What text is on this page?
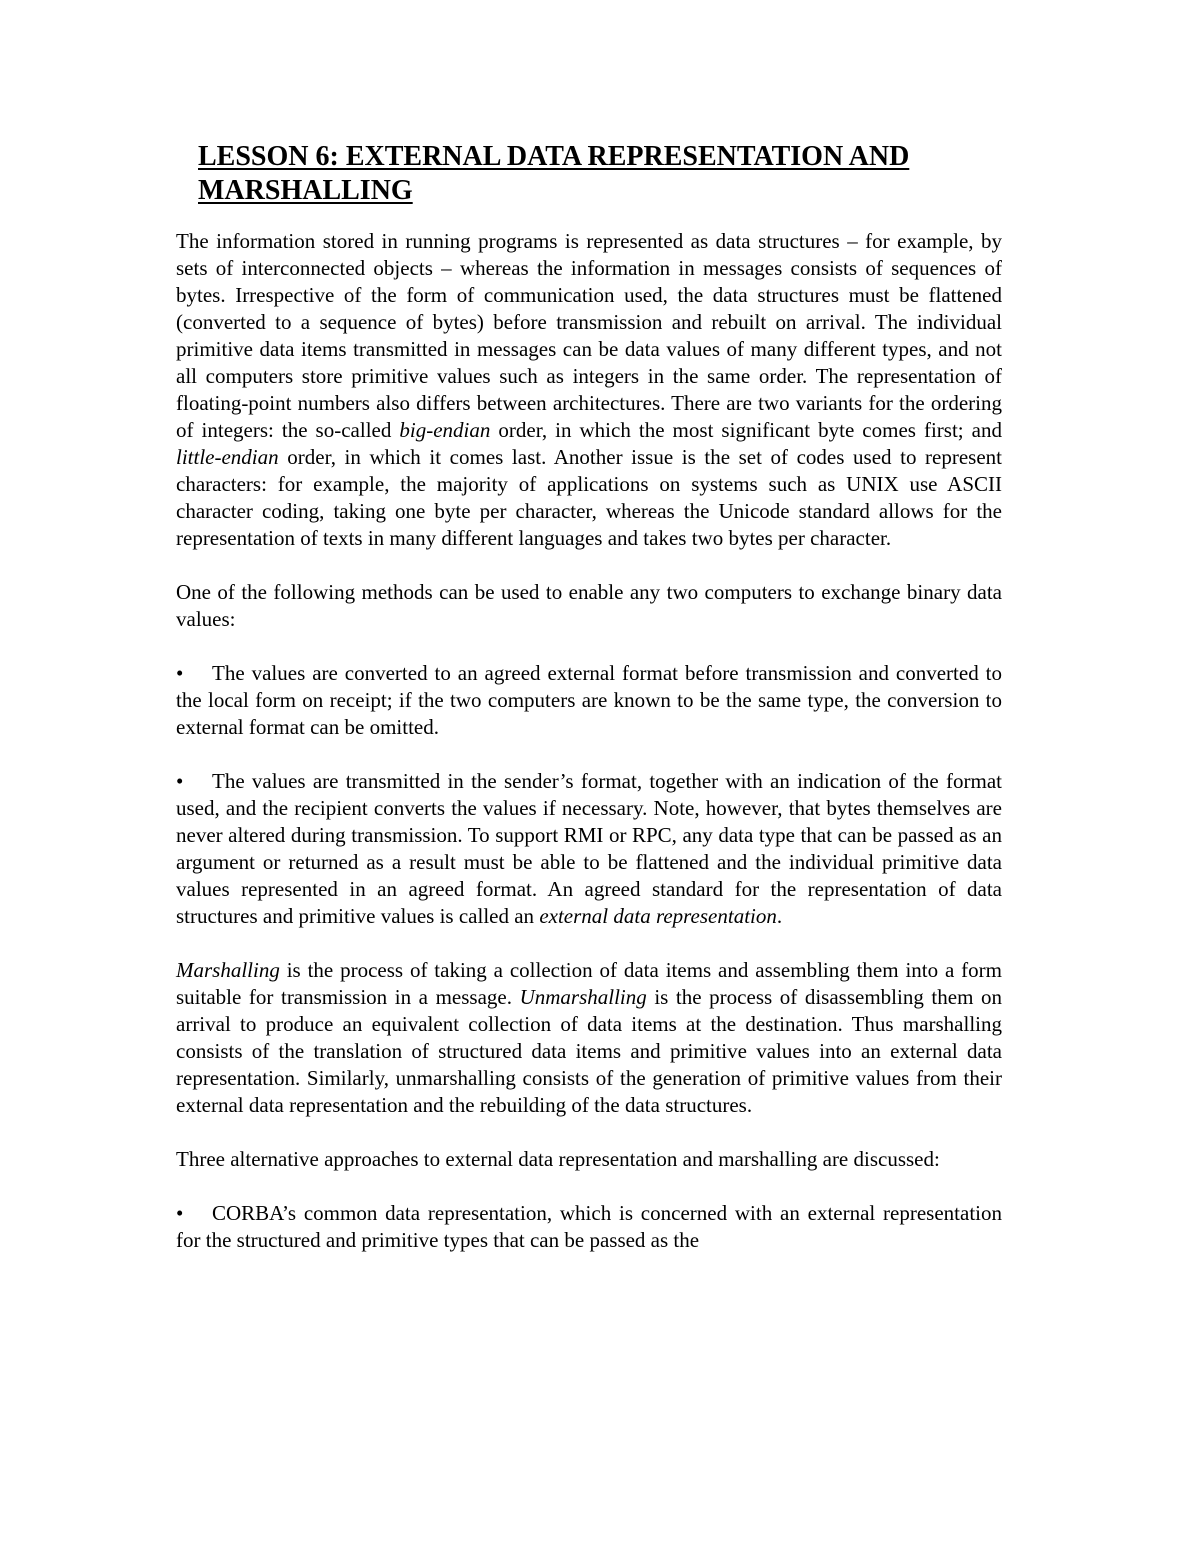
LESSON 6: EXTERNAL DATA REPRESENTATION AND
MARSHALLING

The information stored in running programs is represented as data structures – for example, by sets of interconnected objects – whereas the information in messages consists of sequences of bytes. Irrespective of the form of communication used, the data structures must be flattened (converted to a sequence of bytes) before transmission and rebuilt on arrival. The individual primitive data items transmitted in messages can be data values of many different types, and not all computers store primitive values such as integers in the same order. The representation of floating-point numbers also differs between architectures. There are two variants for the ordering of integers: the so-called big-endian order, in which the most significant byte comes first; and little-endian order, in which it comes last. Another issue is the set of codes used to represent characters: for example, the majority of applications on systems such as UNIX use ASCII character coding, taking one byte per character, whereas the Unicode standard allows for the representation of texts in many different languages and takes two bytes per character.

One of the following methods can be used to enable any two computers to exchange binary data values:

• The values are converted to an agreed external format before transmission and converted to the local form on receipt; if the two computers are known to be the same type, the conversion to external format can be omitted.

• The values are transmitted in the sender’s format, together with an indication of the format used, and the recipient converts the values if necessary. Note, however, that bytes themselves are never altered during transmission. To support RMI or RPC, any data type that can be passed as an argument or returned as a result must be able to be flattened and the individual primitive data values represented in an agreed format. An agreed standard for the representation of data structures and primitive values is called an external data representation.

Marshalling is the process of taking a collection of data items and assembling them into a form suitable for transmission in a message. Unmarshalling is the process of disassembling them on arrival to produce an equivalent collection of data items at the destination. Thus marshalling consists of the translation of structured data items and primitive values into an external data representation. Similarly, unmarshalling consists of the generation of primitive values from their external data representation and the rebuilding of the data structures.

Three alternative approaches to external data representation and marshalling are discussed:

• CORBA’s common data representation, which is concerned with an external representation for the structured and primitive types that can be passed as the
